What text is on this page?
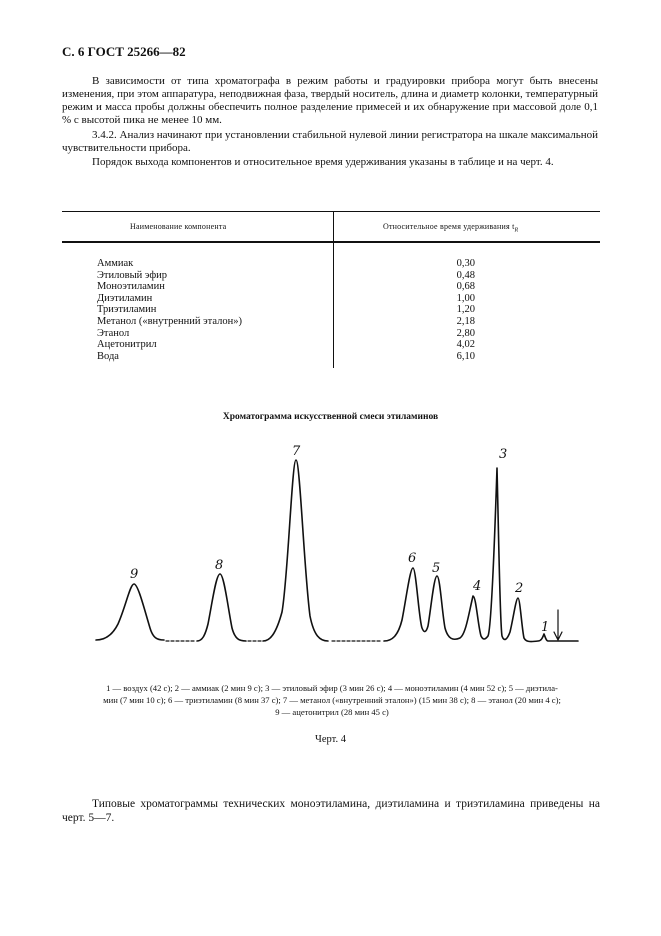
С. 6 ГОСТ 25266—82
В зависимости от типа хроматографа в режим работы и градуировки прибора могут быть внесены изменения, при этом аппаратура, неподвижная фаза, твердый носитель, длина и диаметр колонки, температурный режим и масса пробы должны обеспечить полное разделение примесей и их обнаружение при массовой доле 0,1 % с высотой пика не менее 10 мм.
3.4.2. Анализ начинают при установлении стабильной нулевой линии регистратора на шкале максимальной чувствительности прибора.
Порядок выхода компонентов и относительное время удерживания указаны в таблице и на черт. 4.
Наименование компонента	Относительное время удерживания $t_R$
Аммиак
Этиловый эфир
Моноэтиламин
Диэтиламин
Триэтиламин
Метанол («внутренний эталон»)
Этанол
Ацетонитрил
Вода
0,30
0,48
0,68
1,00
1,20
2,18
2,80
4,02
6,10
Хроматограмма искусственной смеси этиламинов
9
8
7
6
5
4
3
2
1
1 — воздух (42 с); 2 — аммиак (2 мин 9 с); 3 — этиловый эфир (3 мин 26 с); 4 — моноэтиламин (4 мин 52 с); 5 — диэтила-
мин (7 мин 10 с); 6 — триэтиламин (8 мин 37 с); 7 — метанол («внутренний эталон») (15 мин 38 с); 8 — этанол (20 мин 4 с);
9 — ацетонитрил (28 мин 45 с)
Черт. 4
Типовые хроматограммы технических моноэтиламина, диэтиламина и триэтиламина приведены на черт. 5—7.
